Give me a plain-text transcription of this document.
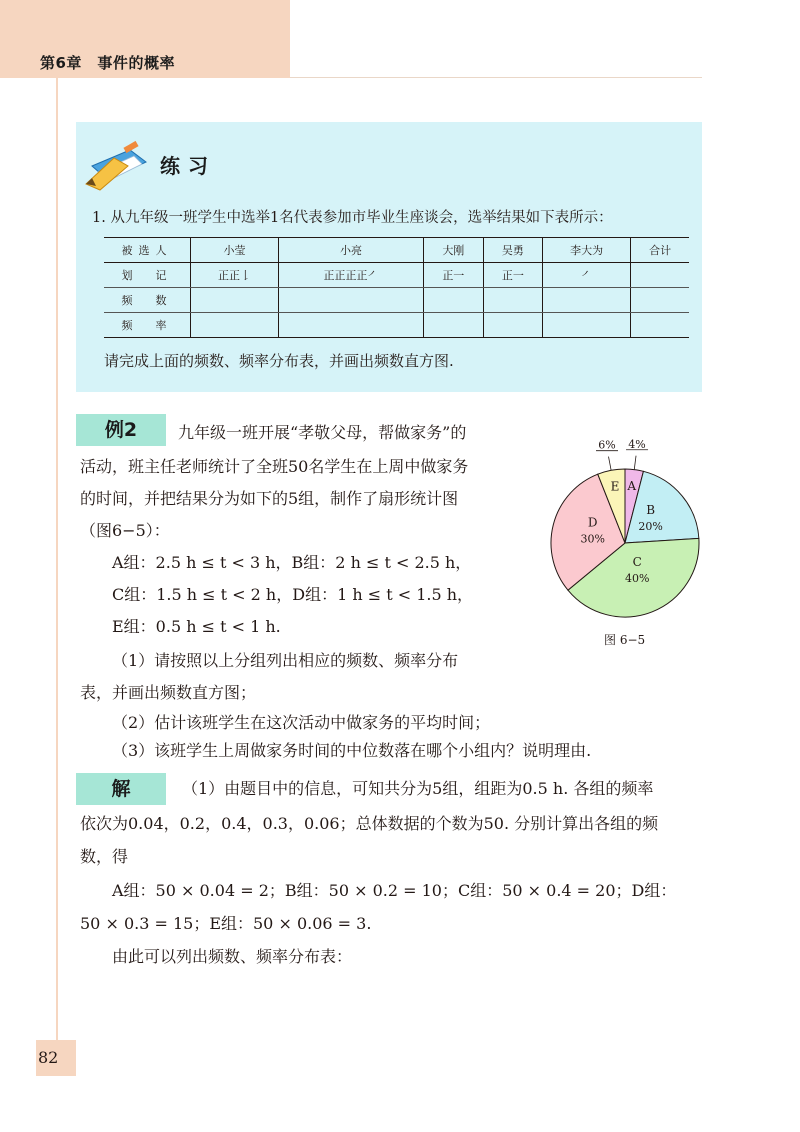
第6章　事件的概率
练习
1. 从九年级一班学生中选举1名代表参加市毕业生座谈会，选举结果如下表所示：
被选人	小莹	小亮	大刚	吴勇	李大为	合计
划　记	正正𠄌	正正正正㇒	正一	正一	㇒	
频　数						
频　率						
请完成上面的频数、频率分布表，并画出频数直方图.
例2	九年级一班开展“孝敬父母，帮做家务”的
活动，班主任老师统计了全班50名学生在上周中做家务
的时间，并把结果分为如下的5组，制作了扇形统计图
（图6−5）：
A组：2.5 h ≤ t < 3 h，B组：2 h ≤ t < 2.5 h，
C组：1.5 h ≤ t < 2 h，D组：1 h ≤ t < 1.5 h，
E组：0.5 h ≤ t < 1 h.
（1）请按照以上分组列出相应的频数、频率分布
表，并画出频数直方图；
（2）估计该班学生在这次活动中做家务的平均时间；
（3）该班学生上周做家务时间的中位数落在哪个小组内？说明理由.
A
4%
B
20%
C
40%
D
30%
E
6%
图 6−5
解	（1）由题目中的信息，可知共分为5组，组距为0.5 h. 各组的频率
依次为0.04，0.2，0.4，0.3，0.06；总体数据的个数为50. 分别计算出各组的频
数，得
A组：50 × 0.04 = 2；B组：50 × 0.2 = 10；C组：50 × 0.4 = 20；D组：
50 × 0.3 = 15；E组：50 × 0.06 = 3.
由此可以列出频数、频率分布表：
82
